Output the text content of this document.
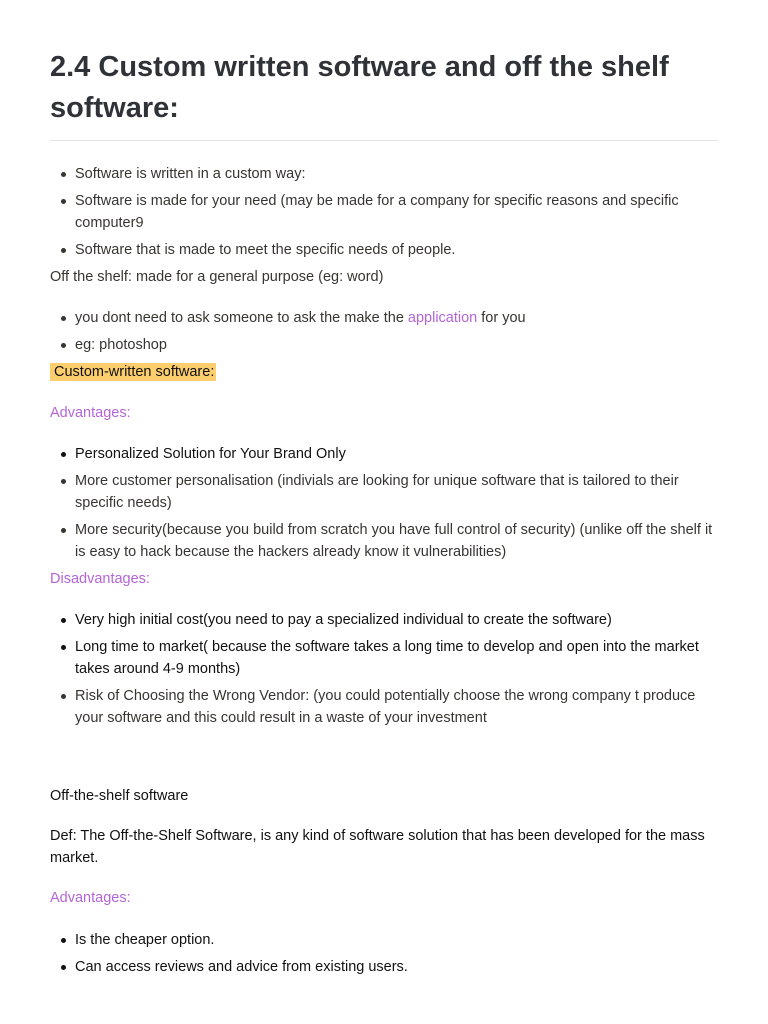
2.4 Custom written software and off the shelf software:
Software is written in a custom way:
Software is made for your need (may be made for a company for specific reasons and specific computer9
Software that is made to meet the specific needs of people.

Off the shelf: made for a general purpose (eg: word)

you dont need to ask someone to ask the make the application for you
eg: photoshop

Custom-written software:

Advantages:

Personalized Solution for Your Brand Only
More customer personalisation (indivials are looking for unique software that is tailored to their specific needs)
More security(because you build from scratch you have full control of security) (unlike off the shelf it is easy to hack because the hackers already know it vulnerabilities)

Disadvantages:

Very high initial cost(you need to pay a specialized individual to create the software)
Long time to market( because the software takes a long time to develop and open into the market takes around 4-9 months)
Risk of Choosing the Wrong Vendor: (you could potentially choose the wrong company t produce your software and this could result in a waste of your investment

Off-the-shelf software

Def: The Off-the-Shelf Software, is any kind of software solution that has been developed for the mass market.

Advantages:

Is the cheaper option.
Can access reviews and advice from existing users.
